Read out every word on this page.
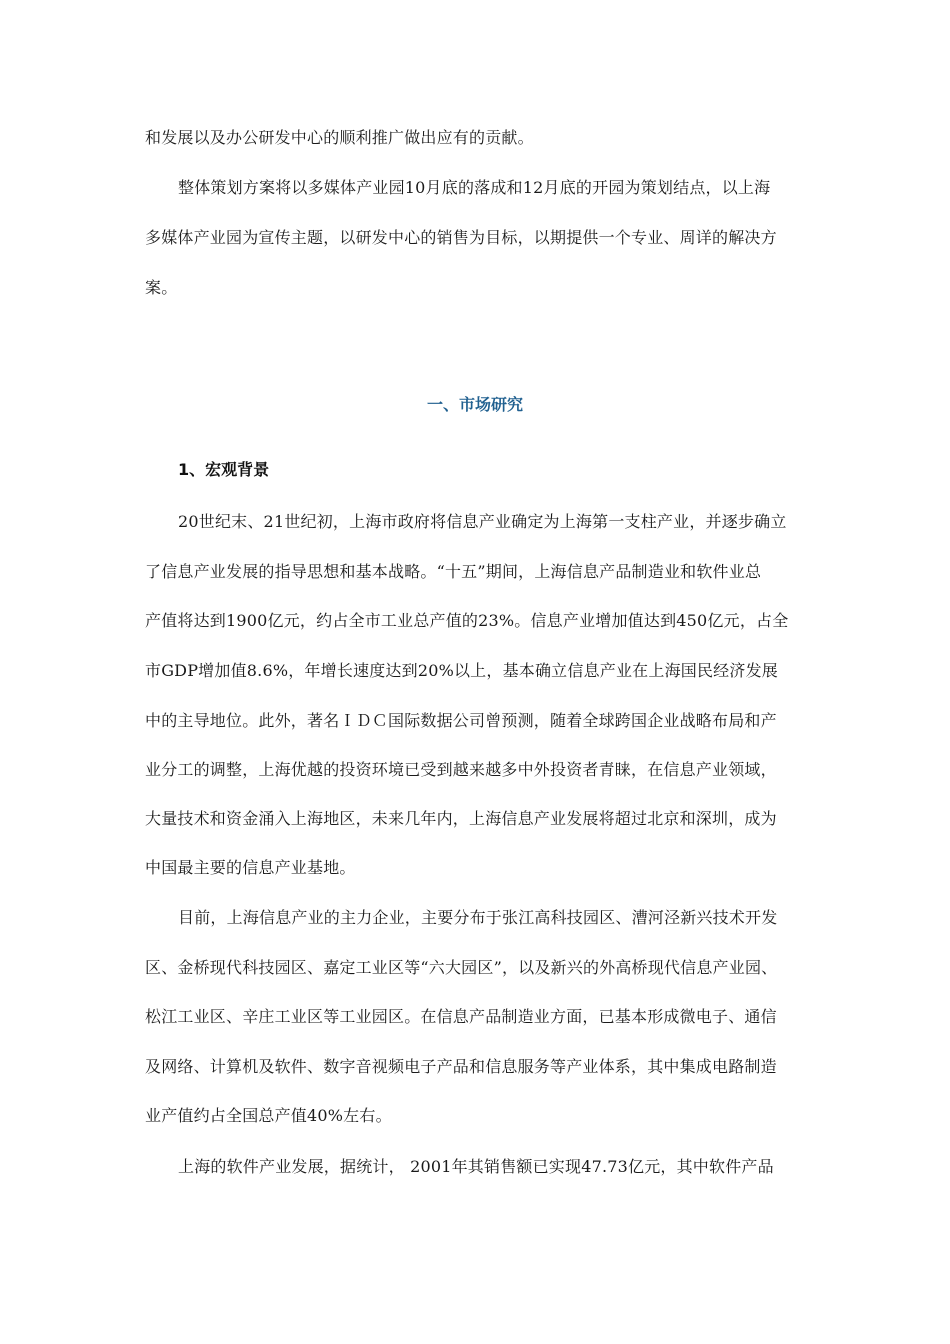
和发展以及办公研发中心的顺利推广做出应有的贡献。
整体策划方案将以多媒体产业园10月底的落成和12月底的开园为策划结点，以上海
多媒体产业园为宣传主题，以研发中心的销售为目标，以期提供一个专业、周详的解决方
案。
一、市场研究
1、宏观背景
20世纪末、21世纪初，上海市政府将信息产业确定为上海第一支柱产业，并逐步确立
了信息产业发展的指导思想和基本战略。“十五”期间，上海信息产品制造业和软件业总
产值将达到1900亿元，约占全市工业总产值的23%。信息产业增加值达到450亿元，占全
市GDP增加值8.6%，年增长速度达到20%以上，基本确立信息产业在上海国民经济发展
中的主导地位。此外，著名ＩＤＣ国际数据公司曾预测，随着全球跨国企业战略布局和产
业分工的调整，上海优越的投资环境已受到越来越多中外投资者青睐，在信息产业领域，
大量技术和资金涌入上海地区，未来几年内，上海信息产业发展将超过北京和深圳，成为
中国最主要的信息产业基地。
目前，上海信息产业的主力企业，主要分布于张江高科技园区、漕河泾新兴技术开发
区、金桥现代科技园区、嘉定工业区等“六大园区”，以及新兴的外高桥现代信息产业园、
松江工业区、辛庄工业区等工业园区。在信息产品制造业方面，已基本形成微电子、通信
及网络、计算机及软件、数字音视频电子产品和信息服务等产业体系，其中集成电路制造
业产值约占全国总产值40%左右。
上海的软件产业发展，据统计， 2001年其销售额已实现47.73亿元，其中软件产品
